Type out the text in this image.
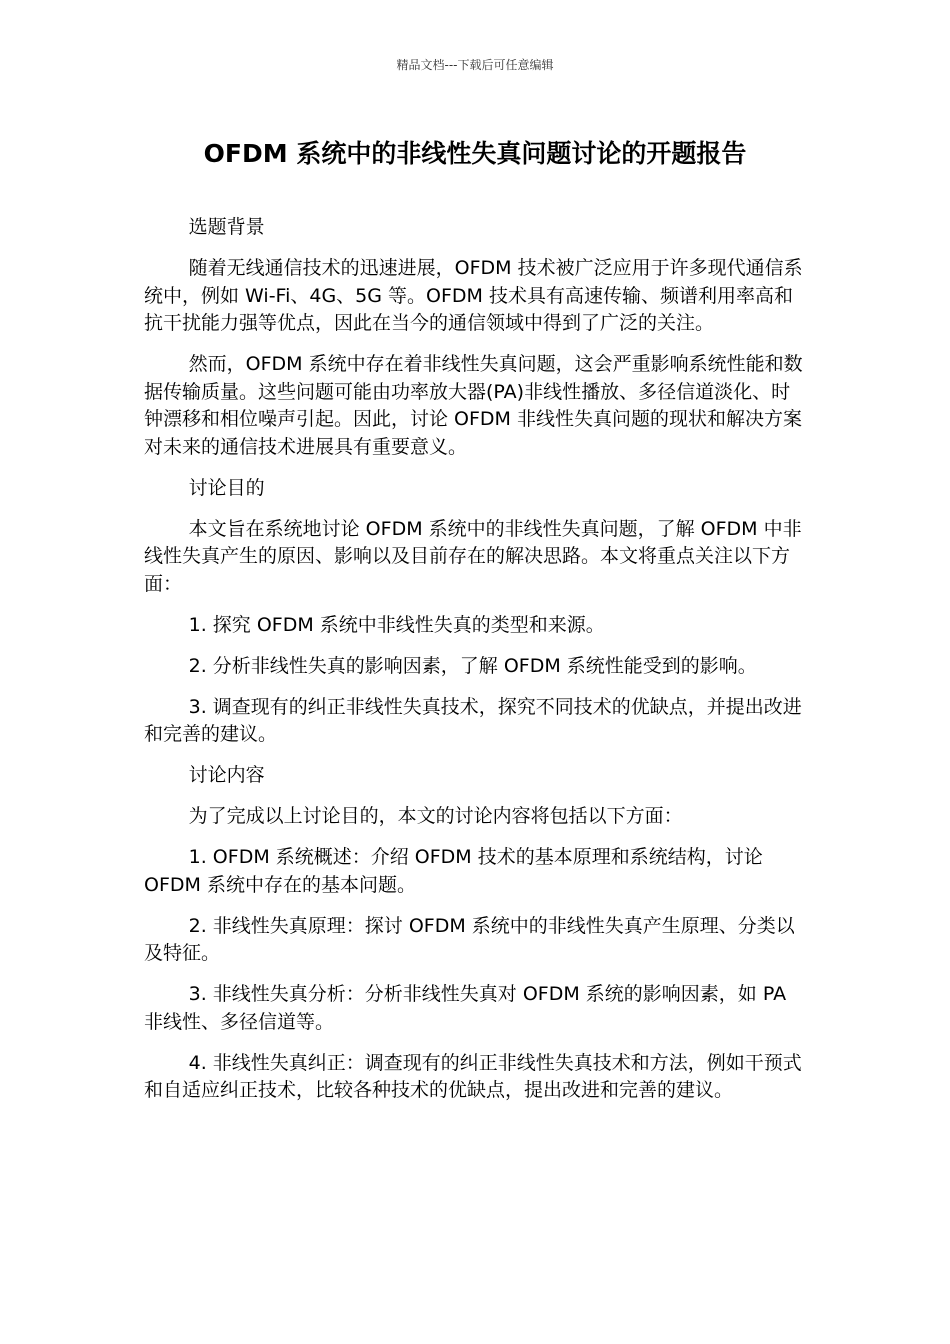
精品文档---下载后可任意编辑
OFDM 系统中的非线性失真问题讨论的开题报告

选题背景

随着无线通信技术的迅速进展，OFDM 技术被广泛应用于许多现代通信系统中，例如 Wi-Fi、4G、5G 等。OFDM 技术具有高速传输、频谱利用率高和抗干扰能力强等优点，因此在当今的通信领域中得到了广泛的关注。

然而，OFDM 系统中存在着非线性失真问题，这会严重影响系统性能和数据传输质量。这些问题可能由功率放大器(PA)非线性播放、多径信道淡化、时钟漂移和相位噪声引起。因此，讨论 OFDM 非线性失真问题的现状和解决方案对未来的通信技术进展具有重要意义。

讨论目的

本文旨在系统地讨论 OFDM 系统中的非线性失真问题，了解 OFDM 中非线性失真产生的原因、影响以及目前存在的解决思路。本文将重点关注以下方面：

1. 探究 OFDM 系统中非线性失真的类型和来源。

2. 分析非线性失真的影响因素，了解 OFDM 系统性能受到的影响。

3. 调查现有的纠正非线性失真技术，探究不同技术的优缺点，并提出改进和完善的建议。

讨论内容

为了完成以上讨论目的，本文的讨论内容将包括以下方面：

1. OFDM 系统概述：介绍 OFDM 技术的基本原理和系统结构，讨论 OFDM 系统中存在的基本问题。

2. 非线性失真原理：探讨 OFDM 系统中的非线性失真产生原理、分类以及特征。

3. 非线性失真分析：分析非线性失真对 OFDM 系统的影响因素，如 PA 非线性、多径信道等。

4. 非线性失真纠正：调查现有的纠正非线性失真技术和方法，例如干预式和自适应纠正技术，比较各种技术的优缺点，提出改进和完善的建议。
